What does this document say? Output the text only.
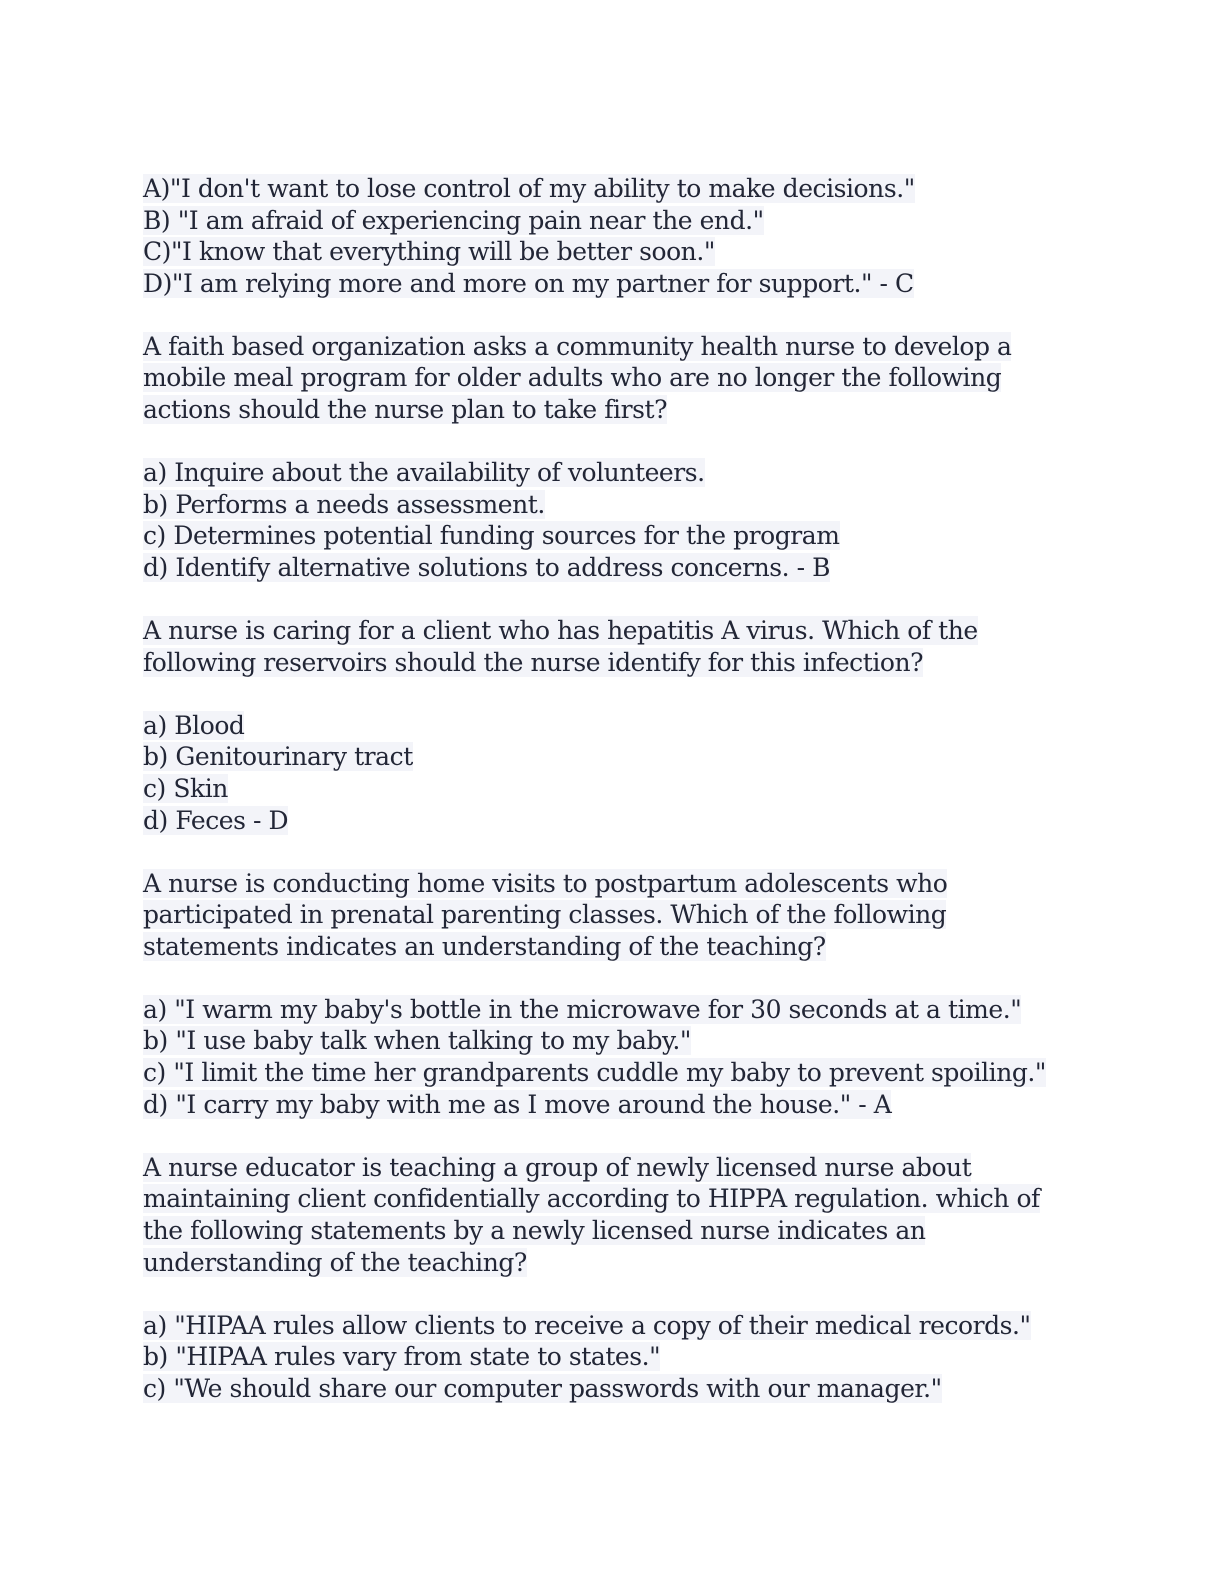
A)"I don't want to lose control of my ability to make decisions."
B) "I am afraid of experiencing pain near the end."
C)"I know that everything will be better soon."
D)"I am relying more and more on my partner for support." - C
A faith based organization asks a community health nurse to develop a
mobile meal program for older adults who are no longer the following
actions should the nurse plan to take first?
a) Inquire about the availability of volunteers.
b) Performs a needs assessment.
c) Determines potential funding sources for the program
d) Identify alternative solutions to address concerns. - B
A nurse is caring for a client who has hepatitis A virus. Which of the
following reservoirs should the nurse identify for this infection?
a) Blood
b) Genitourinary tract
c) Skin
d) Feces - D
A nurse is conducting home visits to postpartum adolescents who
participated in prenatal parenting classes. Which of the following
statements indicates an understanding of the teaching?
a) "I warm my baby's bottle in the microwave for 30 seconds at a time."
b) "I use baby talk when talking to my baby."
c) "I limit the time her grandparents cuddle my baby to prevent spoiling."
d) "I carry my baby with me as I move around the house." - A
A nurse educator is teaching a group of newly licensed nurse about
maintaining client confidentially according to HIPPA regulation. which of
the following statements by a newly licensed nurse indicates an
understanding of the teaching?
a) "HIPAA rules allow clients to receive a copy of their medical records."
b) "HIPAA rules vary from state to states."
c) "We should share our computer passwords with our manager."
